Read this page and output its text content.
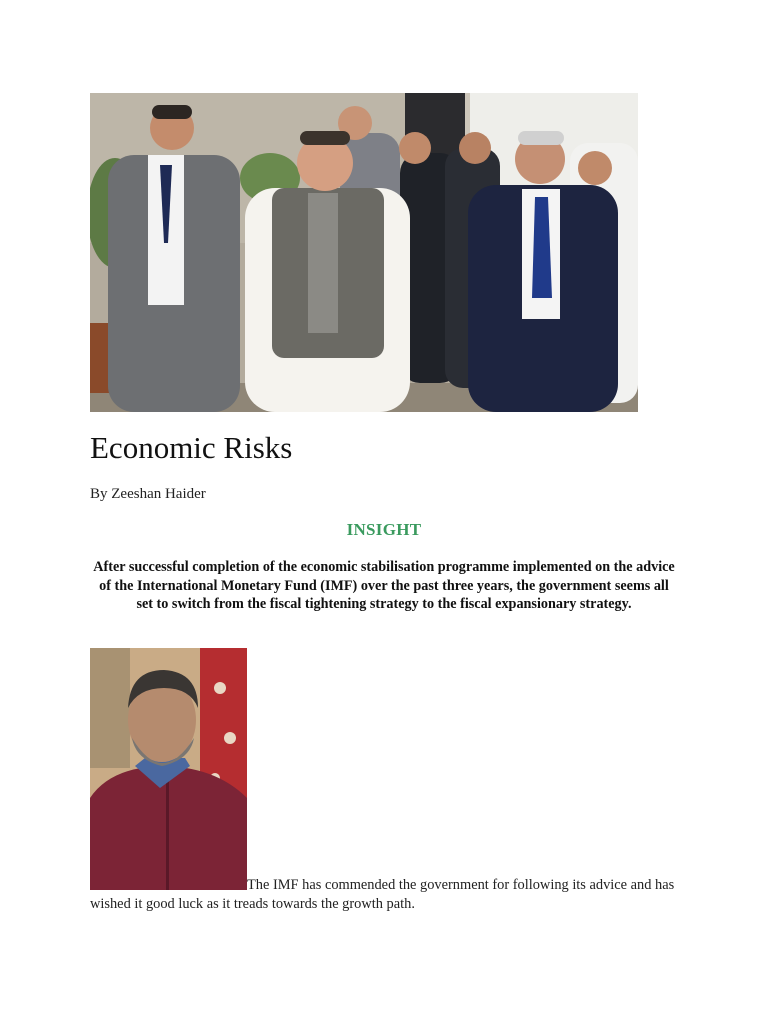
Economic Risks
By Zeeshan Haider
INSIGHT

After successful completion of the economic stabilisation programme implemented on the advice of the International Monetary Fund (IMF) over the past three years, the government seems all set to switch from the fiscal tightening strategy to the fiscal expansionary strategy.

The IMF has commended the government for following its advice and has wished it good luck as it treads towards the growth path.
